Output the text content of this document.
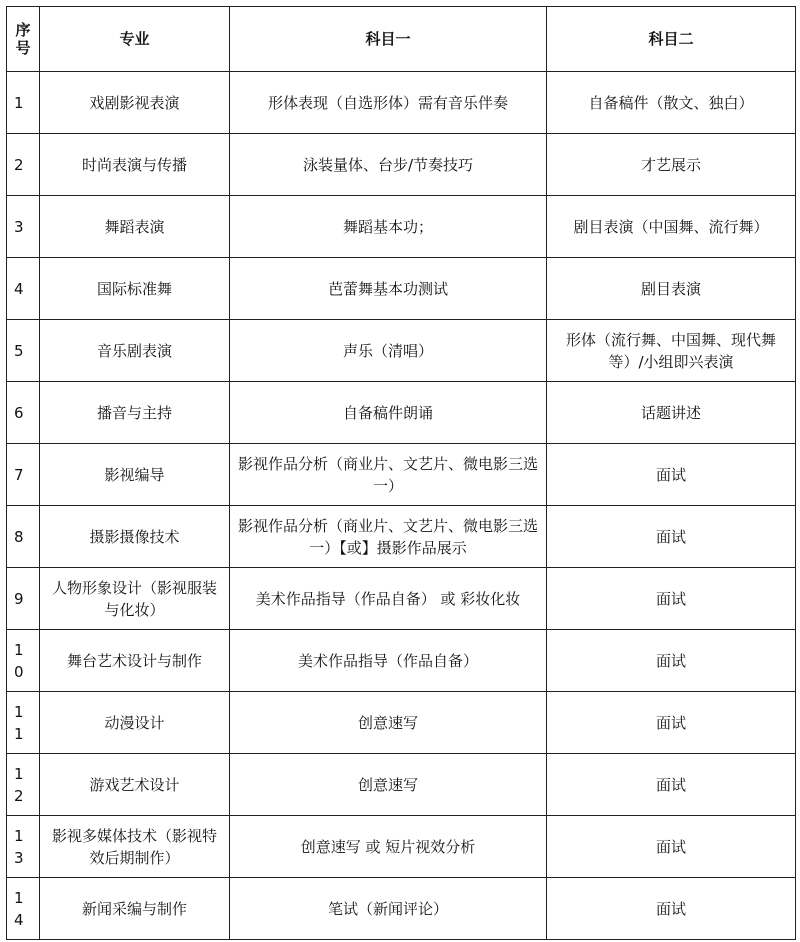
序号	专业	科目一	科目二
1	戏剧影视表演	形体表现（自选形体）需有音乐伴奏	自备稿件（散文、独白）
2	时尚表演与传播	泳装量体、台步/节奏技巧	才艺展示
3	舞蹈表演	舞蹈基本功；	剧目表演（中国舞、流行舞）
4	国际标准舞	芭蕾舞基本功测试	剧目表演
5	音乐剧表演	声乐（清唱）	形体（流行舞、中国舞、现代舞等）/小组即兴表演
6	播音与主持	自备稿件朗诵	话题讲述
7	影视编导	影视作品分析（商业片、文艺片、微电影三选一）	面试
8	摄影摄像技术	影视作品分析（商业片、文艺片、微电影三选一）【或】摄影作品展示	面试
9	人物形象设计（影视服装与化妆）	美术作品指导（作品自备） 或 彩妆化妆	面试
10	舞台艺术设计与制作	美术作品指导（作品自备）	面试
11	动漫设计	创意速写	面试
12	游戏艺术设计	创意速写	面试
13	影视多媒体技术（影视特效后期制作）	创意速写 或 短片视效分析	面试
14	新闻采编与制作	笔试（新闻评论）	面试
